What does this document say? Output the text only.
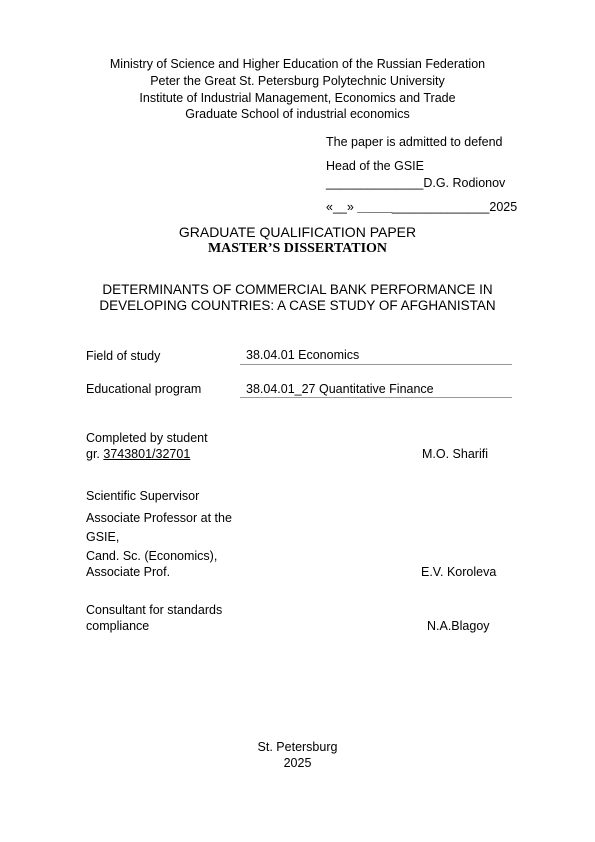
Ministry of Science and Higher Education of the Russian Federation
Peter the Great St. Petersburg Polytechnic University
Institute of Industrial Management, Economics and Trade
Graduate School of industrial economics
The paper is admitted to defend
Head of the GSIE
______________D.G. Rodionov
«__» ___________________2025
GRADUATE QUALIFICATION PAPER
MASTER’S DISSERTATION
DETERMINANTS OF COMMERCIAL BANK PERFORMANCE IN
DEVELOPING COUNTRIES: A CASE STUDY OF AFGHANISTAN
Field of study	38.04.01 Economics
Educational program	38.04.01_27 Quantitative Finance
Completed by student
gr. 3743801/32701	M.O. Sharifi
Scientific Supervisor
Associate Professor at the
GSIE,
Cand. Sc. (Economics),
Associate Prof.	E.V. Koroleva
Consultant for standards
compliance	N.A.Blagoy
St. Petersburg
2025
